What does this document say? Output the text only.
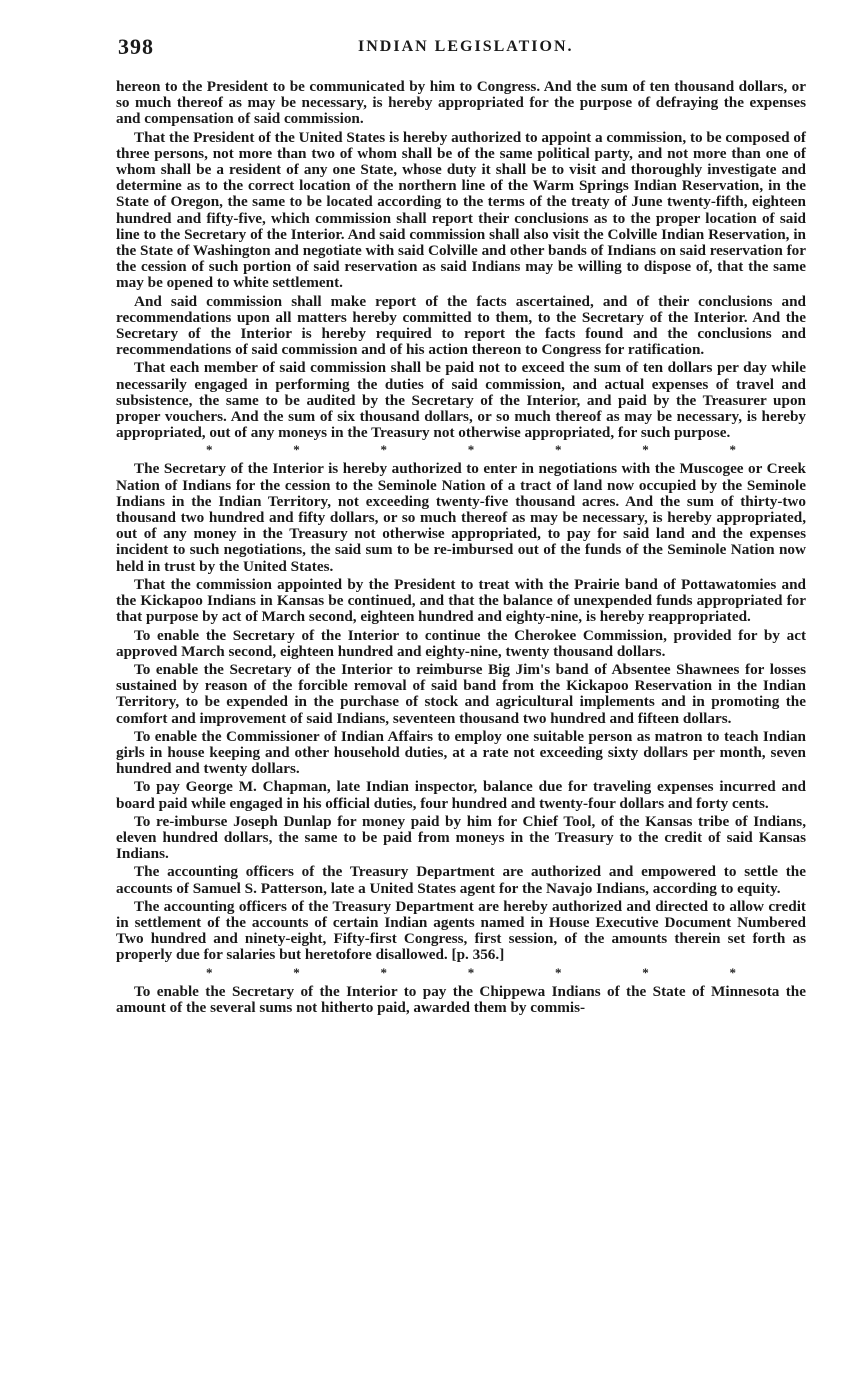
398	INDIAN LEGISLATION.

hereon to the President to be communicated by him to Congress. And the sum of ten thousand dollars, or so much thereof as may be necessary, is hereby appropriated for the purpose of defraying the expenses and compensation of said commission.

That the President of the United States is hereby authorized to appoint a commission, to be composed of three persons, not more than two of whom shall be of the same political party, and not more than one of whom shall be a resident of any one State, whose duty it shall be to visit and thoroughly investigate and determine as to the correct location of the northern line of the Warm Springs Indian Reservation, in the State of Oregon, the same to be located according to the terms of the treaty of June twenty-fifth, eighteen hundred and fifty-five, which commission shall report their conclusions as to the proper location of said line to the Secretary of the Interior. And said commission shall also visit the Colville Indian Reservation, in the State of Washington and negotiate with said Colville and other bands of Indians on said reservation for the cession of such portion of said reservation as said Indians may be willing to dispose of, that the same may be opened to white settlement.

And said commission shall make report of the facts ascertained, and of their conclusions and recommendations upon all matters hereby committed to them, to the Secretary of the Interior. And the Secretary of the Interior is hereby required to report the facts found and the conclusions and recommendations of said commission and of his action thereon to Congress for ratification.

That each member of said commission shall be paid not to exceed the sum of ten dollars per day while necessarily engaged in performing the duties of said commission, and actual expenses of travel and subsistence, the same to be audited by the Secretary of the Interior, and paid by the Treasurer upon proper vouchers. And the sum of six thousand dollars, or so much thereof as may be necessary, is hereby appropriated, out of any moneys in the Treasury not otherwise appropriated, for such purpose.

*	*	*	*	*	*	*

The Secretary of the Interior is hereby authorized to enter in negotiations with the Muscogee or Creek Nation of Indians for the cession to the Seminole Nation of a tract of land now occupied by the Seminole Indians in the Indian Territory, not exceeding twenty-five thousand acres. And the sum of thirty-two thousand two hundred and fifty dollars, or so much thereof as may be necessary, is hereby appropriated, out of any money in the Treasury not otherwise appropriated, to pay for said land and the expenses incident to such negotiations, the said sum to be re-imbursed out of the funds of the Seminole Nation now held in trust by the United States.

That the commission appointed by the President to treat with the Prairie band of Pottawatomies and the Kickapoo Indians in Kansas be continued, and that the balance of unexpended funds appropriated for that purpose by act of March second, eighteen hundred and eighty-nine, is hereby reappropriated.

To enable the Secretary of the Interior to continue the Cherokee Commission, provided for by act approved March second, eighteen hundred and eighty-nine, twenty thousand dollars.

To enable the Secretary of the Interior to reimburse Big Jim's band of Absentee Shawnees for losses sustained by reason of the forcible removal of said band from the Kickapoo Reservation in the Indian Territory, to be expended in the purchase of stock and agricultural implements and in promoting the comfort and improvement of said Indians, seventeen thousand two hundred and fifteen dollars.

To enable the Commissioner of Indian Affairs to employ one suitable person as matron to teach Indian girls in house keeping and other household duties, at a rate not exceeding sixty dollars per month, seven hundred and twenty dollars.

To pay George M. Chapman, late Indian inspector, balance due for traveling expenses incurred and board paid while engaged in his official duties, four hundred and twenty-four dollars and forty cents.

To re-imburse Joseph Dunlap for money paid by him for Chief Tool, of the Kansas tribe of Indians, eleven hundred dollars, the same to be paid from moneys in the Treasury to the credit of said Kansas Indians.

The accounting officers of the Treasury Department are authorized and empowered to settle the accounts of Samuel S. Patterson, late a United States agent for the Navajo Indians, according to equity.

The accounting officers of the Treasury Department are hereby authorized and directed to allow credit in settlement of the accounts of certain Indian agents named in House Executive Document Numbered Two hundred and ninety-eight, Fifty-first Congress, first session, of the amounts therein set forth as properly due for salaries but heretofore disallowed. [p. 356.]

*	*	*	*	*	*	*

To enable the Secretary of the Interior to pay the Chippewa Indians of the State of Minnesota the amount of the several sums not hitherto paid, awarded them by commis-
